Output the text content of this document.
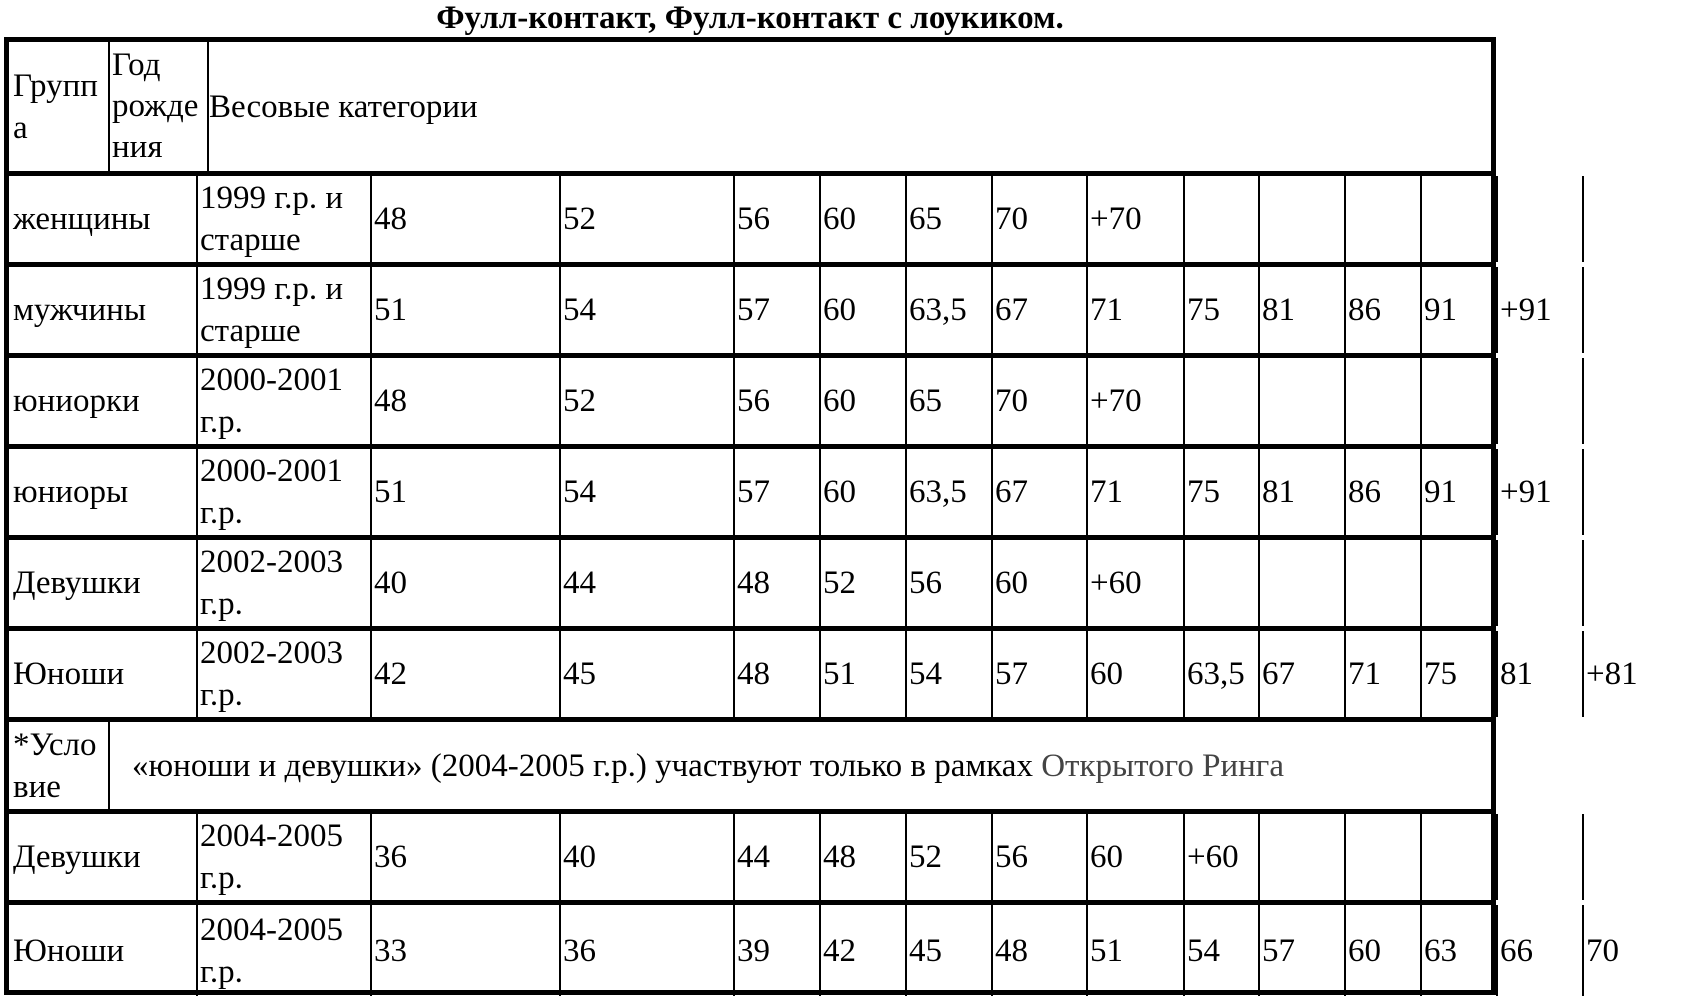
Фулл-контакт, Фулл-контакт с лоукиком.
Групп
а
Год
рожде
ния
Весовые категории
женщины
1999 г.р. и
старше
48	52	56	60	65	70	+70
мужчины
1999 г.р. и
старше
51	54	57	60	63,5 67	71	75	81	86	91	+91
юниорки
2000-2001
г.р.
48	52	56	60	65	70	+70
юниоры
2000-2001
г.р.
51	54	57	60	63,5 67	71	75	81	86	91	+91
Девушки
2002-2003
г.р.
40	44	48	52	56	60	+60
Юноши
2002-2003
г.р.
42	45	48	51	54	57	60	63,5 67	71	75	81	+81
*Усло
вие
«юноши и девушки» (2004-2005 г.р.) участвуют только в рамках
Открытого Ринга
Девушки
2004-2005
г.р.
36	40	44	48	52	56	60	+60
Юноши
2004-2005
г.р.
33	36	39	42	45	48	51	54	57	60	63	66	70
